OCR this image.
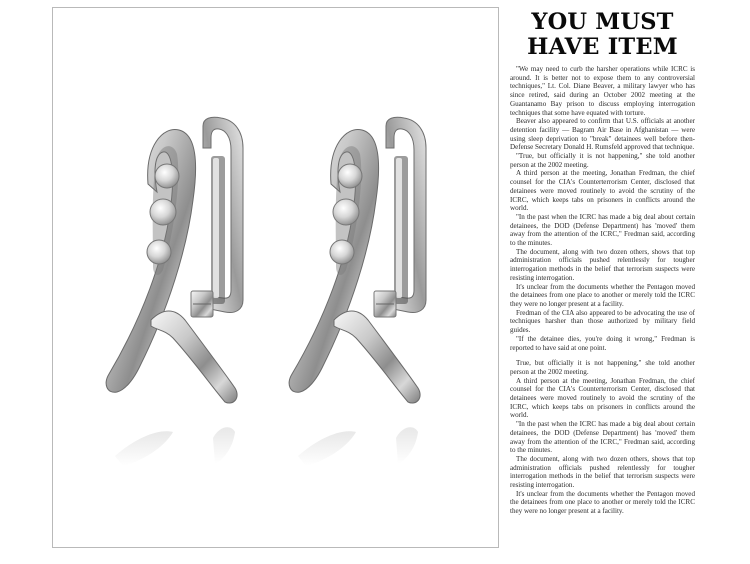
YOU MUST
HAVE ITEM

"We may need to curb the harsher operations while ICRC is around. It is better not to expose them to any controversial techniques," Lt. Col. Diane Beaver, a military lawyer who has since retired, said during an October 2002 meeting at the Guantanamo Bay prison to discuss employing interrogation techniques that some have equated with torture.

Beaver also appeared to confirm that U.S. officials at another detention facility — Bagram Air Base in Afghanistan — were using sleep deprivation to "break" detainees well before then-Defense Secretary Donald H. Rumsfeld approved that technique.

"True, but officially it is not happening," she told another person at the 2002 meeting.

A third person at the meeting, Jonathan Fredman, the chief counsel for the CIA's Counterterrorism Center, disclosed that detainees were moved routinely to avoid the scrutiny of the ICRC, which keeps tabs on prisoners in conflicts around the world.

"In the past when the ICRC has made a big deal about certain detainees, the DOD (Defense Department) has 'moved' them away from the attention of the ICRC," Fredman said, according to the minutes.

The document, along with two dozen others, shows that top administration officials pushed relentlessly for tougher interrogation methods in the belief that terrorism suspects were resisting interrogation.

It's unclear from the documents whether the Pentagon moved the detainees from one place to another or merely told the ICRC they were no longer present at a facility.

Fredman of the CIA also appeared to be advocating the use of techniques harsher than those authorized by military field guides.

"If the detainee dies, you're doing it wrong," Fredman is reported to have said at one point.

True, but officially it is not happening," she told another person at the 2002 meeting.

A third person at the meeting, Jonathan Fredman, the chief counsel for the CIA's Counterterrorism Center, disclosed that detainees were moved routinely to avoid the scrutiny of the ICRC, which keeps tabs on prisoners in conflicts around the world.

"In the past when the ICRC has made a big deal about certain detainees, the DOD (Defense Department) has 'moved' them away from the attention of the ICRC," Fredman said, according to the minutes.

The document, along with two dozen others, shows that top administration officials pushed relentlessly for tougher interrogation methods in the belief that terrorism suspects were resisting interrogation.

It's unclear from the documents whether the Pentagon moved the detainees from one place to another or merely told the ICRC they were no longer present at a facility.
